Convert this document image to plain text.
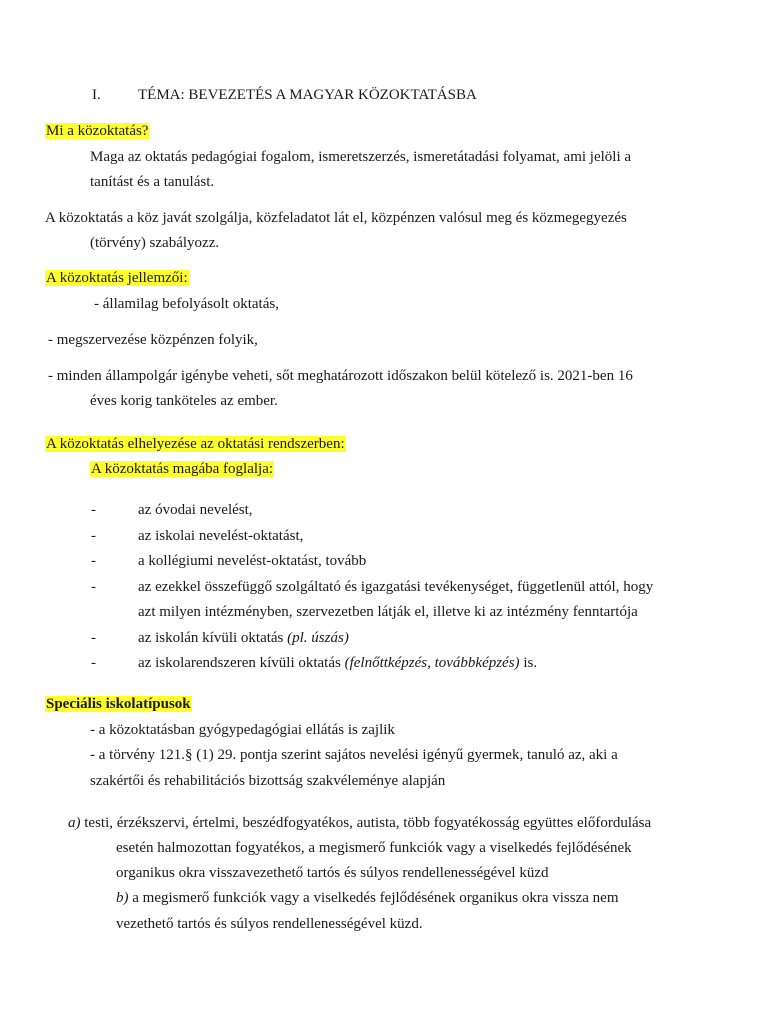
I. TÉMA: BEVEZETÉS A MAGYAR KÖZOKTATÁSBA
Mi a közoktatás?
Maga az oktatás pedagógiai fogalom, ismeretszerzés, ismeretátadási folyamat, ami jelöli a
tanítást és a tanulást.
A közoktatás a köz javát szolgálja, közfeladatot lát el, közpénzen valósul meg és közmegegyezés
(törvény) szabályozz.
A közoktatás jellemzői:
- államilag befolyásolt oktatás,
- megszervezése közpénzen folyik,
- minden állampolgár igénybe veheti, sőt meghatározott időszakon belül kötelező is. 2021-ben 16
éves korig tanköteles az ember.
A közoktatás elhelyezése az oktatási rendszerben:
A közoktatás magába foglalja:
-	az óvodai nevelést,
-	az iskolai nevelést-oktatást,
-	a kollégiumi nevelést-oktatást, tovább
-	az ezekkel összefüggő szolgáltató és igazgatási tevékenységet, függetlenül attól, hogy
azt milyen intézményben, szervezetben látják el, illetve ki az intézmény fenntartója
-	az iskolán kívüli oktatás (pl. úszás)
-	az iskolarendszeren kívüli oktatás (felnőttképzés, továbbképzés) is.
Speciális iskolatípusok
- a közoktatásban gyógypedagógiai ellátás is zajlik
- a törvény 121.§ (1) 29. pontja szerint sajátos nevelési igényű gyermek, tanuló az, aki a
szakértői és rehabilitációs bizottság szakvéleménye alapján
a) testi, érzékszervi, értelmi, beszédfogyatékos, autista, több fogyatékosság együttes előfordulása
esetén halmozottan fogyatékos, a megismerő funkciók vagy a viselkedés fejlődésének
organikus okra visszavezethető tartós és súlyos rendellenességével küzd
b) a megismerő funkciók vagy a viselkedés fejlődésének organikus okra vissza nem
vezethető tartós és súlyos rendellenességével küzd.
